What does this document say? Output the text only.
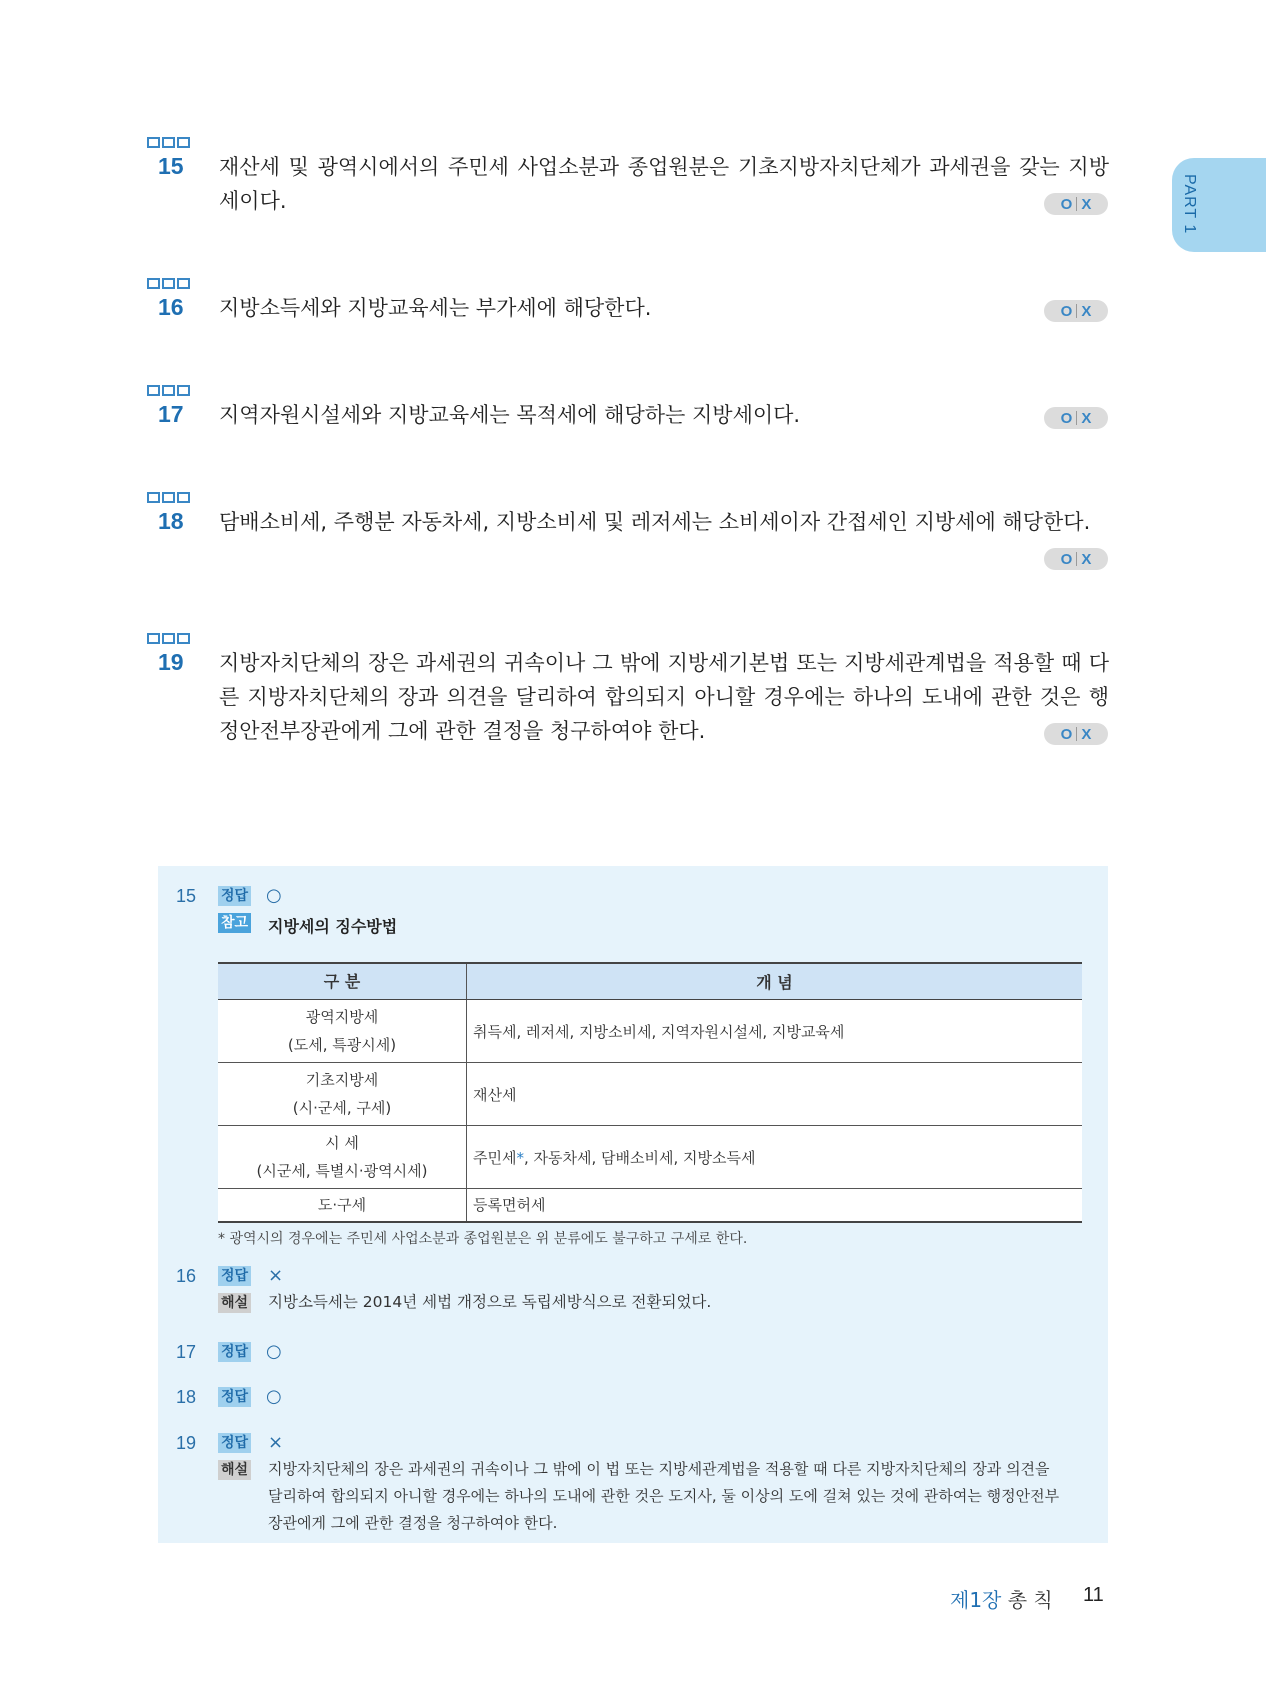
PART 1
15 재산세 및 광역시에서의 주민세 사업소분과 종업원분은 기초지방자치단체가 과세권을 갖는 지방세이다.	O X
16 지방소득세와 지방교육세는 부가세에 해당한다.	O X
17 지역자원시설세와 지방교육세는 목적세에 해당하는 지방세이다.	O X
18 담배소비세, 주행분 자동차세, 지방소비세 및 레저세는 소비세이자 간접세인 지방세에 해당한다.
O X
19 지방자치단체의 장은 과세권의 귀속이나 그 밖에 지방세기본법 또는 지방세관계법을 적용할 때 다른 지방자치단체의 장과 의견을 달리하여 합의되지 아니할 경우에는 하나의 도내에 관한 것은 행정안전부장관에게 그에 관한 결정을 청구하여야 한다.	O X
15 정답 ○
참고 지방세의 징수방법
구 분	개 념

광역지방세
(도세, 특광시세)	취득세, 레저세, 지방소비세, 지역자원시설세, 지방교육세

기초지방세
(시·군세, 구세)	재산세

시 세
(시군세, 특별시·광역시세)	주민세*, 자동차세, 담배소비세, 지방소득세

도·구세	등록면허세
* 광역시의 경우에는 주민세 사업소분과 종업원분은 위 분류에도 불구하고 구세로 한다.
16 정답 ×
해설 지방소득세는 2014년 세법 개정으로 독립세방식으로 전환되었다.
17 정답 ○
18 정답 ○
19 정답 ×
해설 지방자치단체의 장은 과세권의 귀속이나 그 밖에 이 법 또는 지방세관계법을 적용할 때 다른 지방자치단체의 장과 의견을
달리하여 합의되지 아니할 경우에는 하나의 도내에 관한 것은 도지사, 둘 이상의 도에 걸쳐 있는 것에 관하여는 행정안전부
장관에게 그에 관한 결정을 청구하여야 한다.
제1장 총 칙 11
